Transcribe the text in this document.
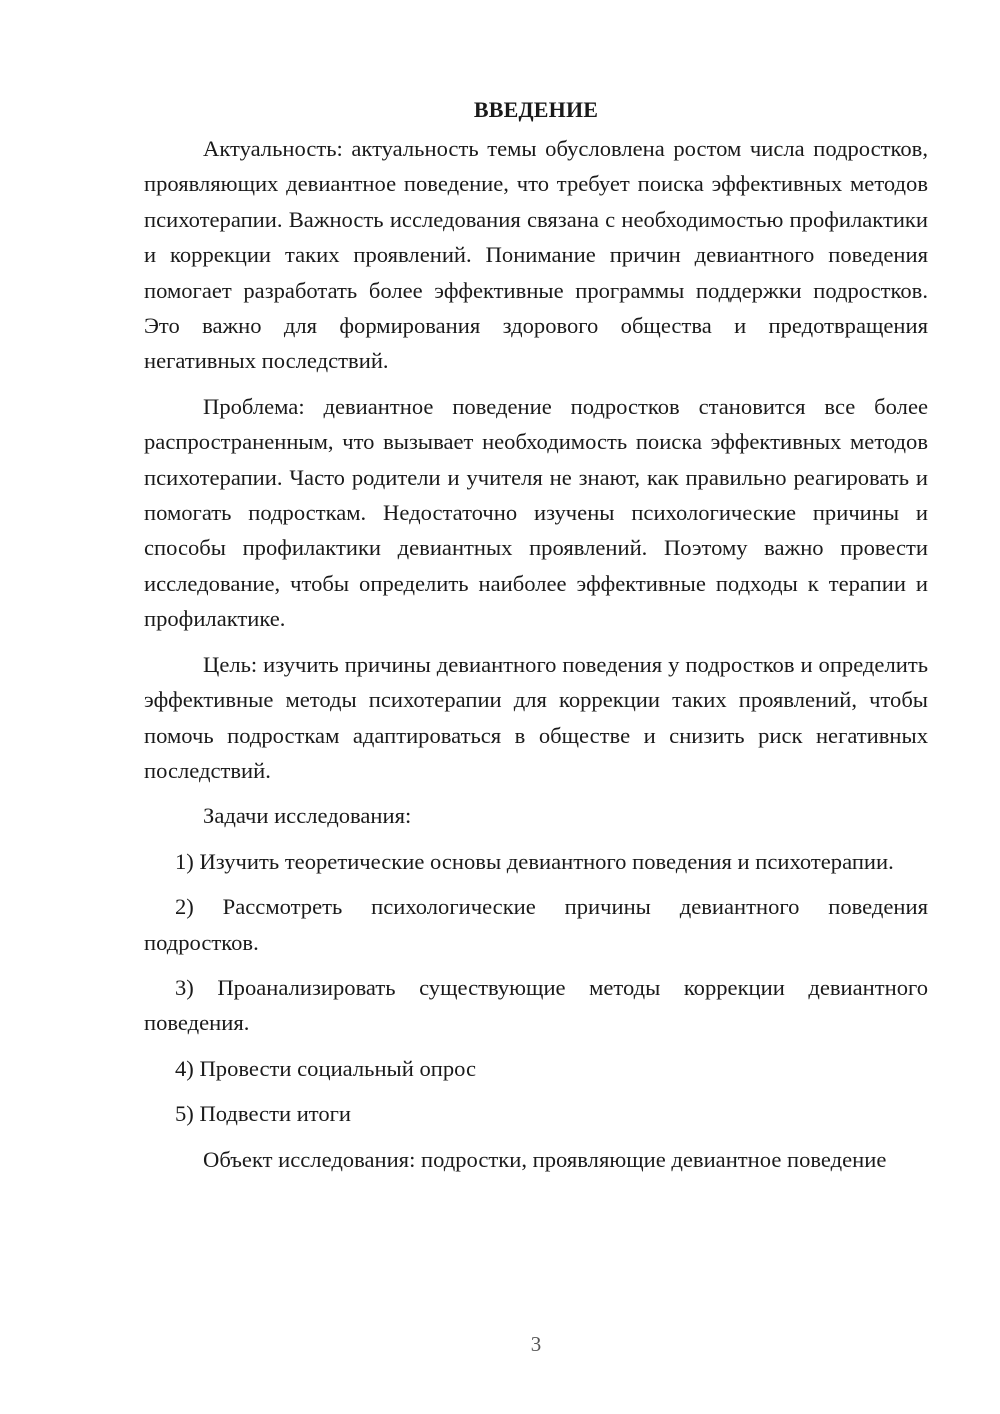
ВВЕДЕНИЕ

Актуальность: актуальность темы обусловлена ростом числа подростков, проявляющих девиантное поведение, что требует поиска эффективных методов психотерапии. Важность исследования связана с необходимостью профилактики и коррекции таких проявлений. Понимание причин девиантного поведения помогает разработать более эффективные программы поддержки подростков. Это важно для формирования здорового общества и предотвращения негативных последствий.

Проблема: девиантное поведение подростков становится все более распространенным, что вызывает необходимость поиска эффективных методов психотерапии. Часто родители и учителя не знают, как правильно реагировать и помогать подросткам. Недостаточно изучены психологические причины и способы профилактики девиантных проявлений. Поэтому важно провести исследование, чтобы определить наиболее эффективные подходы к терапии и профилактике.

Цель: изучить причины девиантного поведения у подростков и определить эффективные методы психотерапии для коррекции таких проявлений, чтобы помочь подросткам адаптироваться в обществе и снизить риск негативных последствий.

Задачи исследования:

1) Изучить теоретические основы девиантного поведения и психотерапии.

2) Рассмотреть психологические причины девиантного поведения подростков.

3) Проанализировать существующие методы коррекции девиантного поведения.

4) Провести социальный опрос

5) Подвести итоги

Объект исследования: подростки, проявляющие девиантное поведение

3
